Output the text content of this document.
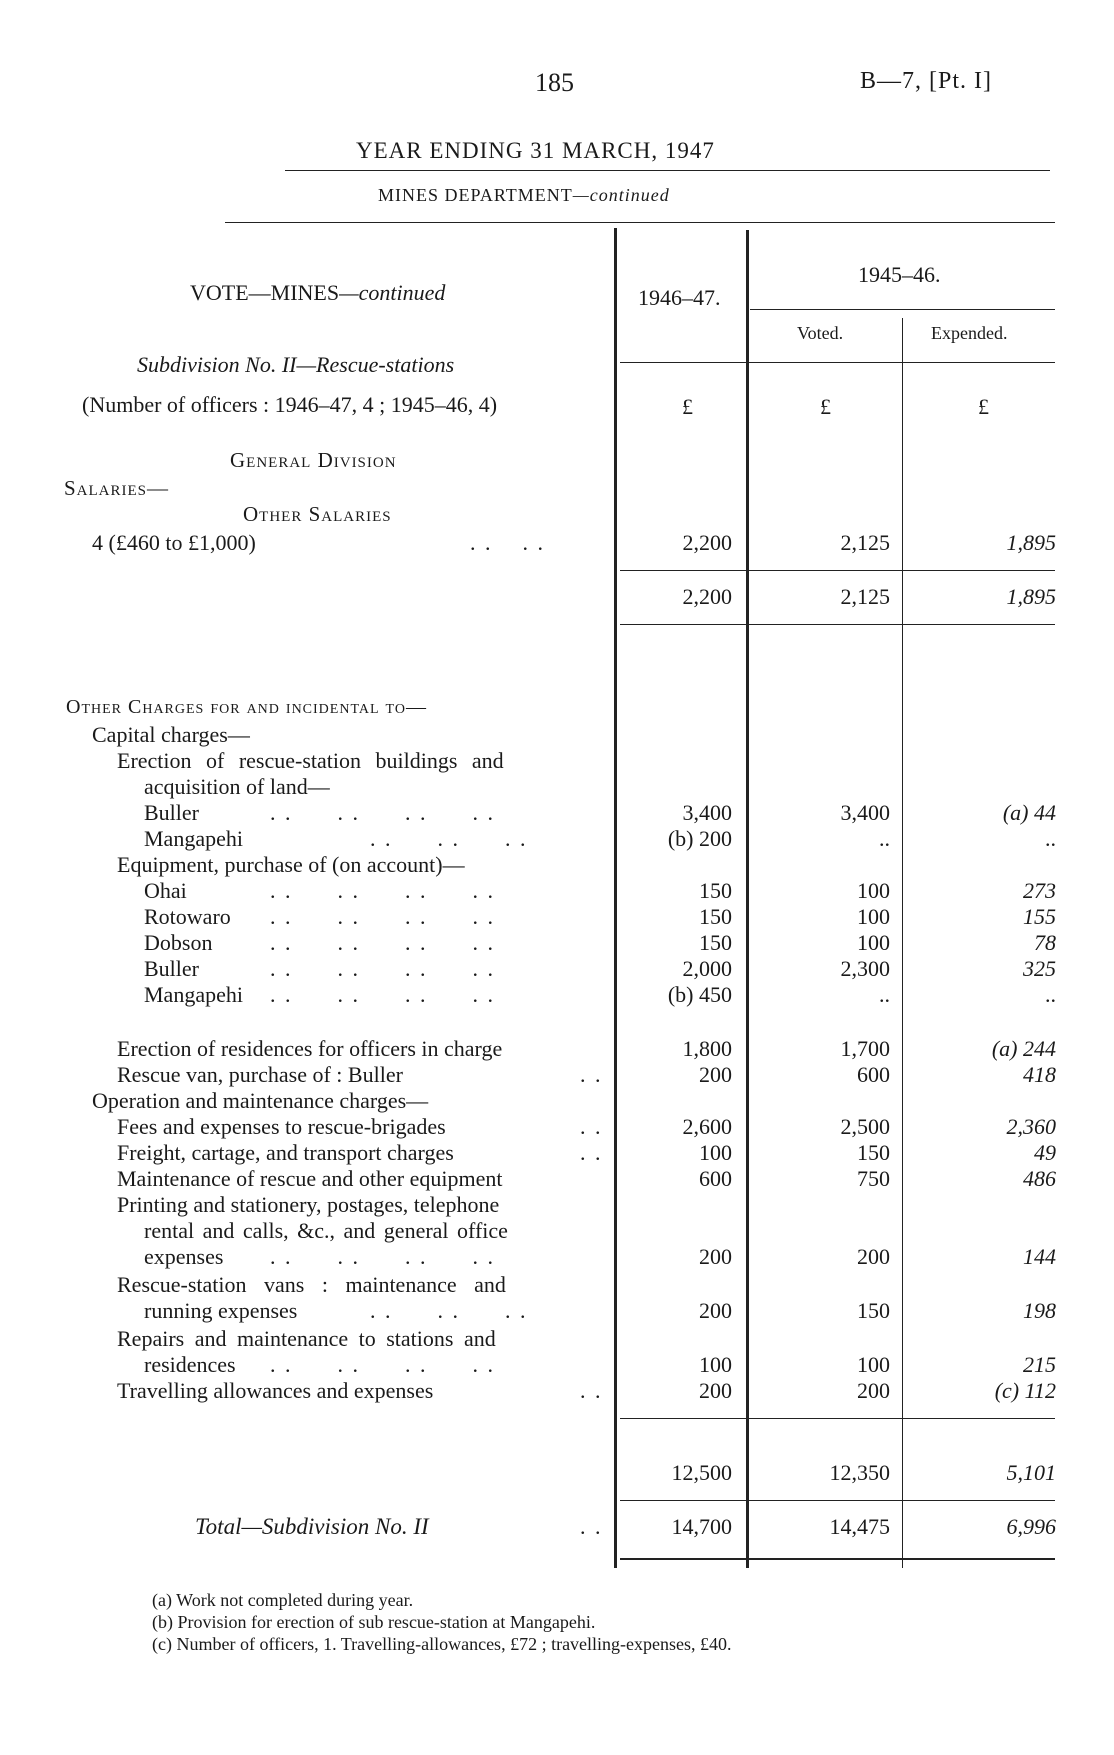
185	B—7, [Pt. I]
YEAR ENDING 31 MARCH, 1947
MINES DEPARTMENT—continued
VOTE—MINES—continued	1946–47.
1945–46.
Voted.	Expended.
Subdivision No. II—Rescue-stations
(Number of officers : 1946–47, 4 ; 1945–46, 4)	£	£	£
General Division
Salaries—
Other Salaries
4 (£460 to £1,000)	. .    . .	2,200	2,125	1,895
2,200	2,125	1,895
Other Charges for and incidental to—
Capital charges—
Erection of rescue-station buildings and
acquisition of land—
Buller	. .      . .      . .      . .	3,400	3,400	(a) 44
Mangapehi	. .      . .      . .	(b) 200	..	..
Equipment, purchase of (on account)—
Ohai	. .      . .      . .      . .	150	100	273
Rotowaro . .      . .      . .      . .	150	100	155
Dobson	. .      . .      . .      . .	150	100	78
Buller	. .      . .      . .      . .	2,000	2,300	325
Mangapehi . .      . .      . .      . .	(b) 450	..	..
Erection of residences for officers in charge	1,800	1,700	(a) 244
Rescue van, purchase of : Buller	. .	200	600	418
Operation and maintenance charges—
Fees and expenses to rescue-brigades	. .	2,600	2,500	2,360
Freight, cartage, and transport charges	. .	100	150	49
Maintenance of rescue and other equipment	600	750	486
Printing and stationery, postages, telephone
rental and calls, &c., and general office
expenses . .      . .      . .      . .	200	200	144
Rescue-station vans : maintenance and
running expenses	. .      . .      . .	200	150	198
Repairs and maintenance to stations and
residences . .      . .      . .      . .	100	100	215
Travelling allowances and expenses	. .	200	200	(c) 112
12,500	12,350	5,101
Total—Subdivision No. II	. .	14,700	14,475	6,996
(a) Work not completed during year.
(b) Provision for erection of sub rescue-station at Mangapehi.
(c) Number of officers, 1. Travelling-allowances, £72 ; travelling-expenses, £40.
